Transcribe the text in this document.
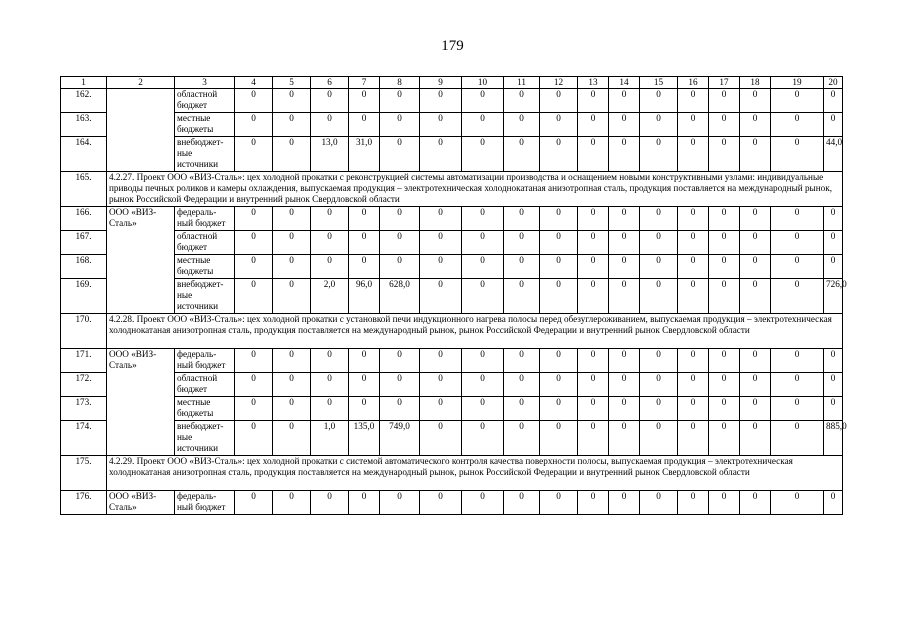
179
1	2	3	4	5	6	7	8	9	10	11	12	13	14	15	16	17	18	19	20
162.		областной бюджет	0	0	0	0	0	0	0	0	0	0	0	0	0	0	0	0	0
163.		местные бюджеты	0	0	0	0	0	0	0	0	0	0	0	0	0	0	0	0	0
164.		внебюджет-ные источники	0	0	13,0	31,0	0	0	0	0	0	0	0	0	0	0	0	0	44,0
165.	4.2.27. Проект ООО «ВИЗ-Сталь»: цех холодной прокатки с реконструкцией системы автоматизации производства и оснащением новыми конструктивными узлами: индивидуальные приводы печных роликов и камеры охлаждения, выпускаемая продукция – электротехническая холоднокатаная анизотропная сталь, продукция поставляется на международный рынок, рынок Российской Федерации и внутренний рынок Свердловской области																		
166.	ООО «ВИЗ-Сталь»	федераль-ный бюджет	0	0	0	0	0	0	0	0	0	0	0	0	0	0	0	0	0
167.		областной бюджет	0	0	0	0	0	0	0	0	0	0	0	0	0	0	0	0	0
168.		местные бюджеты	0	0	0	0	0	0	0	0	0	0	0	0	0	0	0	0	0
169.		внебюджет-ные источники	0	0	2,0	96,0	628,0	0	0	0	0	0	0	0	0	0	0	0	726,0
170.	4.2.28. Проект ООО «ВИЗ-Сталь»: цех холодной прокатки с установкой печи индукционного нагрева полосы перед обезуглероживанием, выпускаемая продукция – электротехническая холоднокатаная анизотропная сталь, продукция поставляется на международный рынок, рынок Российской Федерации и внутренний рынок Свердловской области																		
171.	ООО «ВИЗ-Сталь»	федераль-ный бюджет	0	0	0	0	0	0	0	0	0	0	0	0	0	0	0	0	0
172.		областной бюджет	0	0	0	0	0	0	0	0	0	0	0	0	0	0	0	0	0
173.		местные бюджеты	0	0	0	0	0	0	0	0	0	0	0	0	0	0	0	0	0
174.		внебюджет-ные источники	0	0	1,0	135,0	749,0	0	0	0	0	0	0	0	0	0	0	0	885,0
175.	4.2.29. Проект ООО «ВИЗ-Сталь»: цех холодной прокатки с системой автоматического контроля качества поверхности полосы, выпускаемая продукция – электротехническая холоднокатаная анизотропная сталь, продукция поставляется на международный рынок, рынок Российской Федерации и внутренний рынок Свердловской области																		
176.	ООО «ВИЗ-Сталь»	федераль-ный бюджет	0	0	0	0	0	0	0	0	0	0	0	0	0	0	0	0	0
